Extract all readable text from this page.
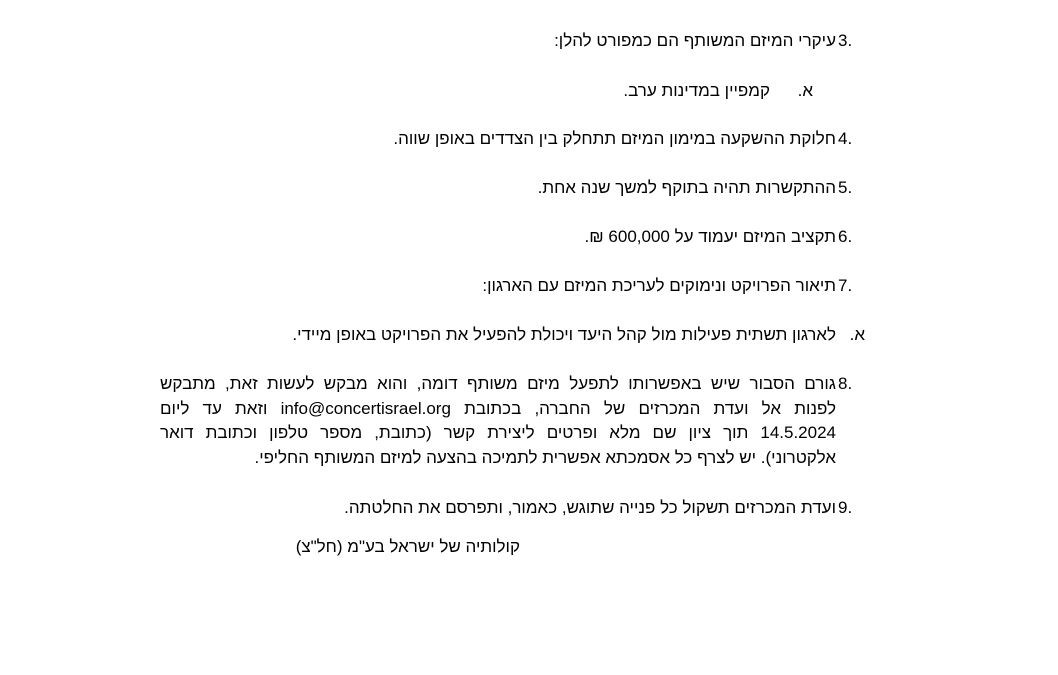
3.
עיקרי המיזם המשותף הם כמפורט להלן:
א.
קמפיין במדינות ערב.
4.
חלוקת ההשקעה במימון המיזם תתחלק בין הצדדים באופן שווה.
5.
ההתקשרות תהיה בתוקף למשך שנה אחת.
6.
תקציב המיזם יעמוד על 600,000 ₪.
7.
תיאור הפרויקט ונימוקים לעריכת המיזם עם הארגון:
א.
לארגון תשתית פעילות מול קהל היעד ויכולת להפעיל את הפרויקט באופן מיידי.
8.
גורם הסבור שיש באפשרותו לתפעל מיזם משותף דומה, והוא מבקש לעשות זאת, מתבקש
לפנות אל ועדת המכרזים של החברה, בכתובת info@concertisrael.org וזאת עד ליום
14.5.2024 תוך ציון שם מלא ופרטים ליצירת קשר (כתובת, מספר טלפון וכתובת דואר
אלקטרוני). יש לצרף כל אסמכתא אפשרית לתמיכה בהצעה למיזם המשותף החליפי.
9.
ועדת המכרזים תשקול כל פנייה שתוגש, כאמור, ותפרסם את החלטתה.
קולותיה של ישראל בע"מ (חל"צ)
